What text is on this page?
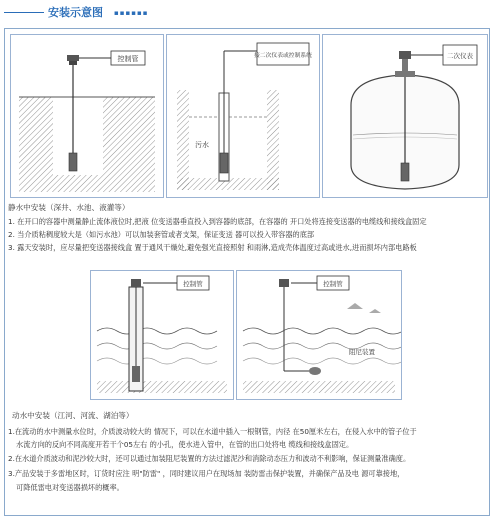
安装示意图 ▪▪▪▪▪▪
控制管
污水
接二次仪表或控制系统	二次仪表
静水中安装（深井、水池、液灌等）
1. 在开口的容器中测量静止流体液位时,把液 位变送器垂直投入到容器的底部，在容器的 开口处将连接变送器的电缆线和接线盒固定
2. 当介质粘稠度较大是（如污水池）可以加装套管或者支架，保证变送 器可以投入带容器的底部
3. 露天安装时，应尽量把变送器接线盒 置于通风干燥处,避免强光直接照射 和雨淋,造成壳体温度过高或进水,进而损坏内部电路板
控制管	控制管
阻尼装置
动水中安装（江河、河流、湖泊等）
1.在流动的水中测量水位时，介质波动较大的 情况下，可以在水道中插入一根钢管，内径 在50厘米左右，在侵入水中的管子位于
水流方向的反向不同高度开若干个05左右 的小孔，使水进入管中，在管的出口处将电 缆线和接线盒固定。
2.在水道介质波动和泥沙较大时，还可以通过加装阻尼装置的方法过滤泥沙和消除动态压力和波动不利影响，保证测量准确度。
3.产品安装于多雷地区时，订货时应注 明"防雷" ，同时建议用户在现场加 装防雷击保护装置，并确保产品及电 源可靠接地，
可降低雷电对变送器损坏的概率。
